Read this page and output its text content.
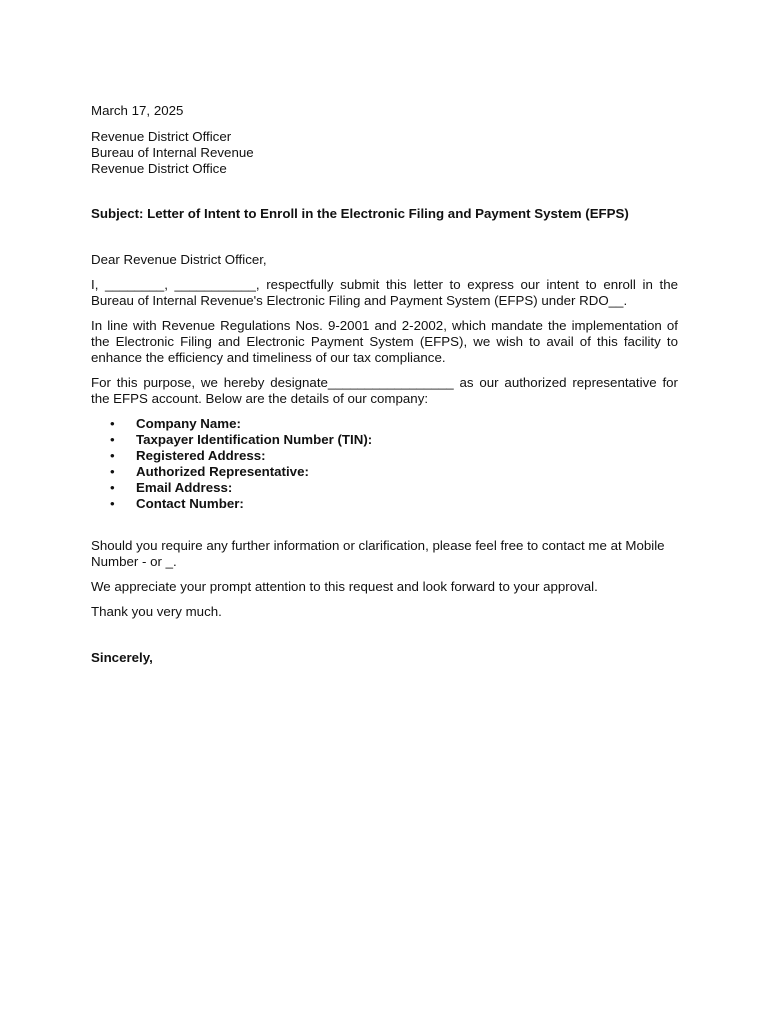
March 17, 2025
Revenue District Officer
Bureau of Internal Revenue
Revenue District Office
Subject: Letter of Intent to Enroll in the Electronic Filing and Payment System (EFPS)
Dear Revenue District Officer,

I, ________, ___________, respectfully submit this letter to express our intent to enroll in the Bureau of Internal Revenue's Electronic Filing and Payment System (EFPS) under RDO__.

In line with Revenue Regulations Nos. 9-2001 and 2-2002, which mandate the implementation of the Electronic Filing and Electronic Payment System (EFPS), we wish to avail of this facility to enhance the efficiency and timeliness of our tax compliance.

For this purpose, we hereby designate_________________ as our authorized representative for the EFPS account. Below are the details of our company:

• Company Name:
• Taxpayer Identification Number (TIN):
• Registered Address:
• Authorized Representative:
• Email Address:
• Contact Number:

Should you require any further information or clarification, please feel free to contact me at Mobile Number - or _.

We appreciate your prompt attention to this request and look forward to your approval.

Thank you very much.

Sincerely,
